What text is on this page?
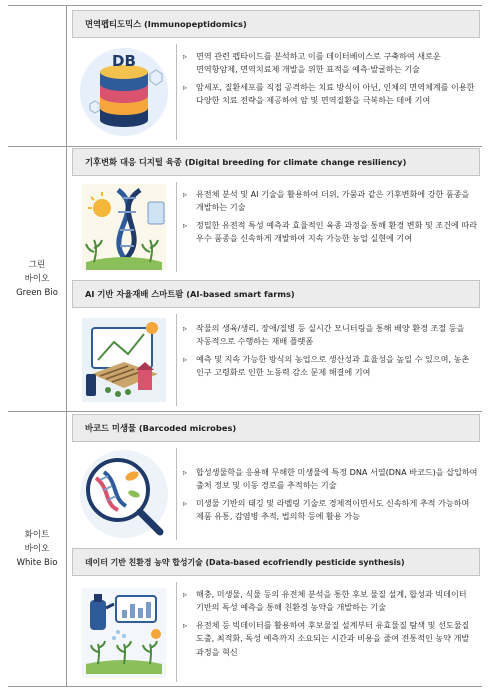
그린
바이오
Green Bio
화이트
바이오
White Bio
면역펩티도믹스 (Immunopeptidomics)
DB
▹	면역 관련 펩타이드를 분석하고 이를 데이터베이스로 구축하여 새로운 면역항암제, 면역치료제 개발을 위한 표적을 예측·발굴하는 기술
▹ 암세포, 질환세포를 직접 공격하는 치료 방식이 아닌, 인체의 면역체계를 이용한 다양한 치료 전략을 제공하여 암 및 면역질환을 극복하는 데에 기여
기후변화 대응 디지털 육종 (Digital breeding for climate change resiliency)
▹ 유전체 분석 및 AI 기술을 활용하여 더위, 가뭄과 같은 기후변화에 강한 품종을 개발하는 기술
▹ 정밀한 유전적 특성 예측과 효율적인 육종 과정을 통해 환경 변화 및 조건에 따라 우수 품종을 신속하게 개발하여 지속 가능한 농업 실현에 기여
AI 기반 자율재배 스마트팜 (AI-based smart farms)
▹ 작물의 생육/생리, 장애/질병 등 실시간 모니터링을 통해 배양 환경 조절 등을 자동적으로 수행하는 재배 플랫폼
▹ 예측 및 지속 가능한 방식의 농업으로 생산성과 효율성을 높일 수 있으며, 농촌 인구 고령화로 인한 노동력 감소 문제 해결에 기여
바코드 미생물 (Barcoded microbes)
▹ 합성생물학을 응용해 무해한 미생물에 특정 DNA 서열(DNA 바코드)을 삽입하여 출처 정보 및 이동 경로를 추적하는 기술
▹ 미생물 기반의 태깅 및 라벨링 기술로 경제적이면서도 신속하게 추적 가능하며 제품 유통, 감염병 추적, 법의학 등에 활용 가능
데이터 기반 친환경 농약 합성기술 (Data-based ecofriendly pesticide synthesis)
▹ 해충, 미생물, 식물 등의 유전체 분석을 통한 후보 물질 설계, 합성과 빅데이터 기반의 독성 예측을 통해 친환경 농약을 개발하는 기술
▹ 유전체 등 빅데이터를 활용하여 후보물질 설계부터 유효물질 탐색 및 선도물질 도출, 최적화, 독성 예측까지 소요되는 시간과 비용을 줄여 전통적인 농약 개발 과정을 혁신
